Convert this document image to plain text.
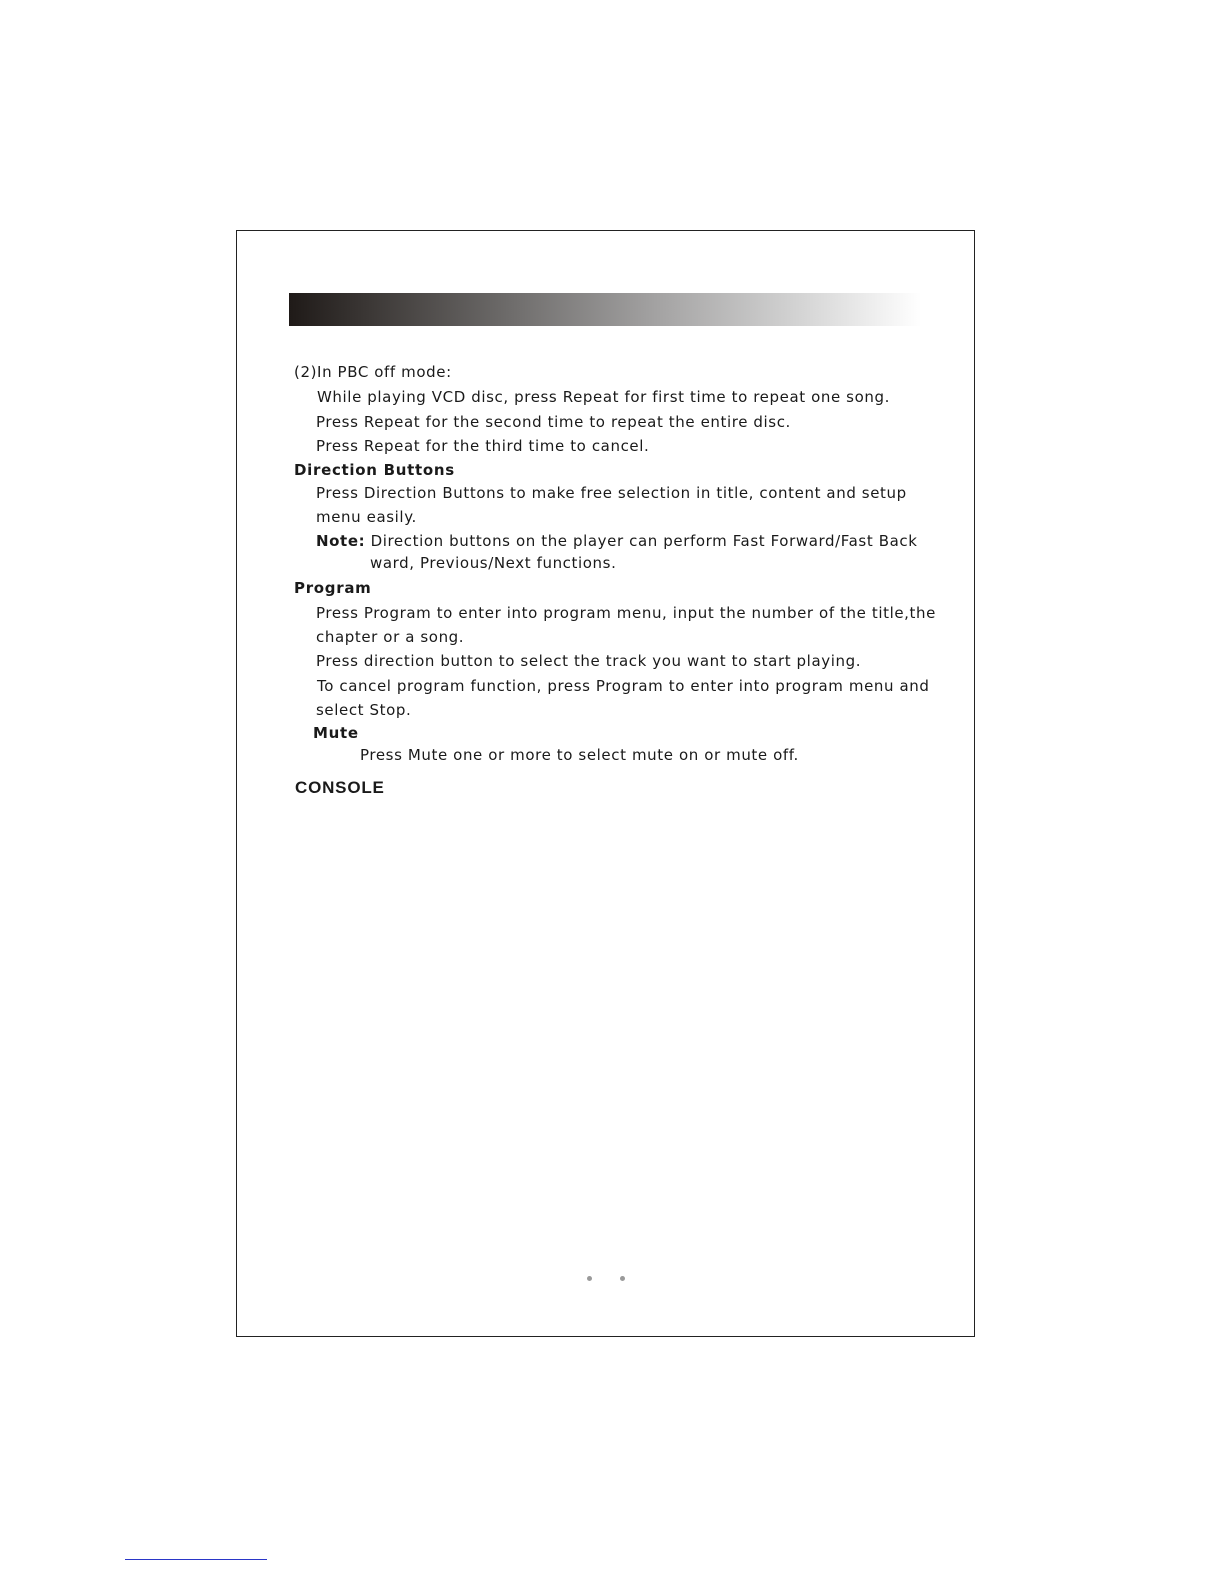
(2)In PBC off mode:
While playing VCD disc, press Repeat for first time to repeat one song.
Press Repeat for the second time to repeat the entire disc.
Press Repeat for the third time to cancel.
Direction Buttons
Press Direction Buttons to make free selection in title, content and setup
menu easily.
Note: Direction buttons on the player can perform Fast Forward/Fast Back
ward, Previous/Next functions.
Program
Press Program to enter into program menu, input the number of the title,the
chapter or a song.
Press direction button to select the track you want to start playing.
To cancel program function, press Program to enter into program menu and
select Stop.
Mute
Press Mute one or more to select mute on or mute off.
CONSOLE
